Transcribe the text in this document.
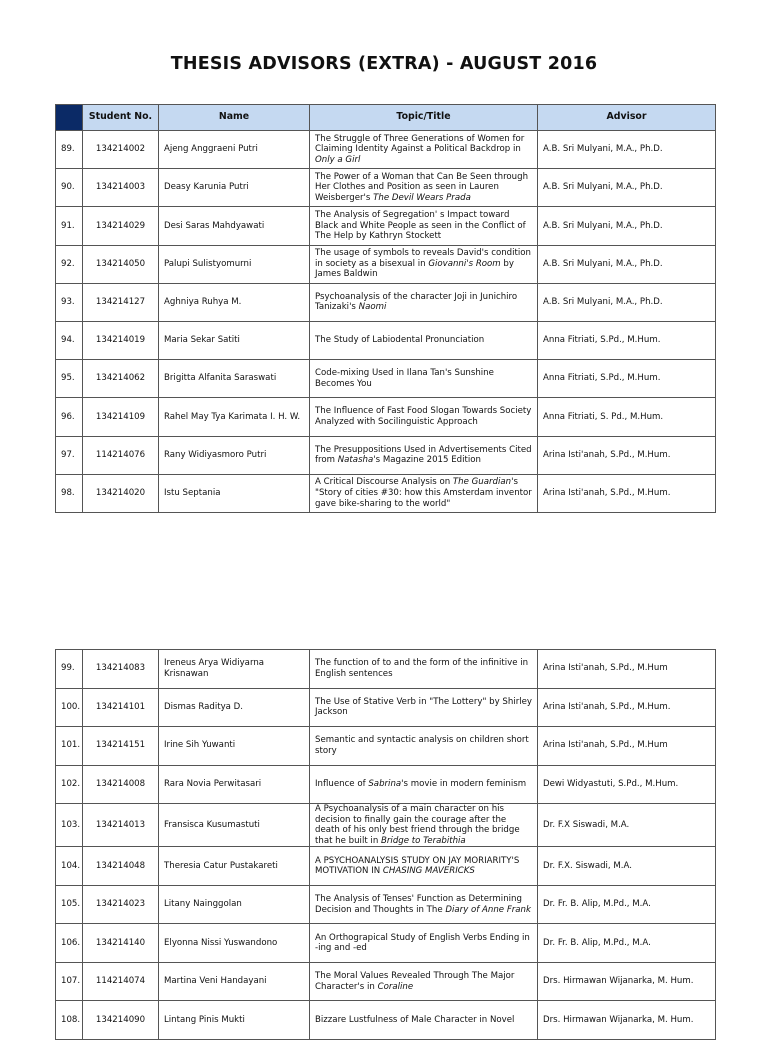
THESIS ADVISORS (EXTRA) - AUGUST 2016
	Student No.	Name	Topic/Title	Advisor
89.	134214002	Ajeng Anggraeni Putri	The Struggle of Three Generations of Women for Claiming Identity Against a Political Backdrop in Only a Girl	A.B. Sri Mulyani, M.A., Ph.D.
90.	134214003	Deasy Karunia Putri	The Power of a Woman that Can Be Seen through Her Clothes and Position as seen in Lauren Weisberger's The Devil Wears Prada	A.B. Sri Mulyani, M.A., Ph.D.
91.	134214029	Desi Saras Mahdyawati	The Analysis of Segregation' s Impact toward Black and White People as seen in the Conflict of The Help by Kathryn Stockett	A.B. Sri Mulyani, M.A., Ph.D.
92.	134214050	Palupi Sulistyomurni	The usage of symbols to reveals David's condition in society as a bisexual in Giovanni's Room by James Baldwin	A.B. Sri Mulyani, M.A., Ph.D.
93.	134214127	Aghniya Ruhya M.	Psychoanalysis of the character Joji in Junichiro Tanizaki's Naomi	A.B. Sri Mulyani, M.A., Ph.D.
94.	134214019	Maria Sekar Satiti	The Study of Labiodental Pronunciation	Anna Fitriati, S.Pd., M.Hum.
95.	134214062	Brigitta Alfanita Saraswati	Code-mixing Used in Ilana Tan's Sunshine Becomes You	Anna Fitriati, S.Pd., M.Hum.
96.	134214109	Rahel May Tya Karimata I. H. W.	The Influence of Fast Food Slogan Towards Society Analyzed with Socilinguistic Approach	Anna Fitriati, S. Pd., M.Hum.
97.	114214076	Rany Widiyasmoro Putri	The Presuppositions Used in Advertisements Cited from Natasha's Magazine 2015 Edition	Arina Isti'anah, S.Pd., M.Hum.
98.	134214020	Istu Septania	A Critical Discourse Analysis on The Guardian's "Story of cities #30: how this Amsterdam inventor gave bike-sharing to the world"	Arina Isti'anah, S.Pd., M.Hum.
99.	134214083	Ireneus Arya Widiyarna Krisnawan	The function of to and the form of the infinitive in English sentences	Arina Isti'anah, S.Pd., M.Hum
100.	134214101	Dismas Raditya D.	The Use of Stative Verb in "The Lottery" by Shirley Jackson	Arina Isti'anah, S.Pd., M.Hum.
101.	134214151	Irine Sih Yuwanti	Semantic and syntactic analysis on children short story	Arina Isti'anah, S.Pd., M.Hum
102.	134214008	Rara Novia Perwitasari	Influence of Sabrina's movie in modern feminism	Dewi Widyastuti, S.Pd., M.Hum.
103.	134214013	Fransisca Kusumastuti	A Psychoanalysis of a main character on his decision to finally gain the courage after the death of his only best friend through the bridge that he built in Bridge to Terabithia	Dr. F.X Siswadi, M.A.
104.	134214048	Theresia Catur Pustakareti	A PSYCHOANALYSIS STUDY ON JAY MORIARITY'S MOTIVATION IN CHASING MAVERICKS	Dr. F.X. Siswadi, M.A.
105.	134214023	Litany Nainggolan	The Analysis of Tenses' Function as Determining Decision and Thoughts in The Diary of Anne Frank	Dr. Fr. B. Alip, M.Pd., M.A.
106.	134214140	Elyonna Nissi Yuswandono	An Orthograpical Study of English Verbs Ending in -ing and -ed	Dr. Fr. B. Alip, M.Pd., M.A.
107.	114214074	Martina Veni Handayani	The Moral Values Revealed Through The Major Character's in Coraline	Drs. Hirmawan Wijanarka, M. Hum.
108.	134214090	Lintang Pinis Mukti	Bizzare Lustfulness of Male Character in Novel	Drs. Hirmawan Wijanarka, M. Hum.
